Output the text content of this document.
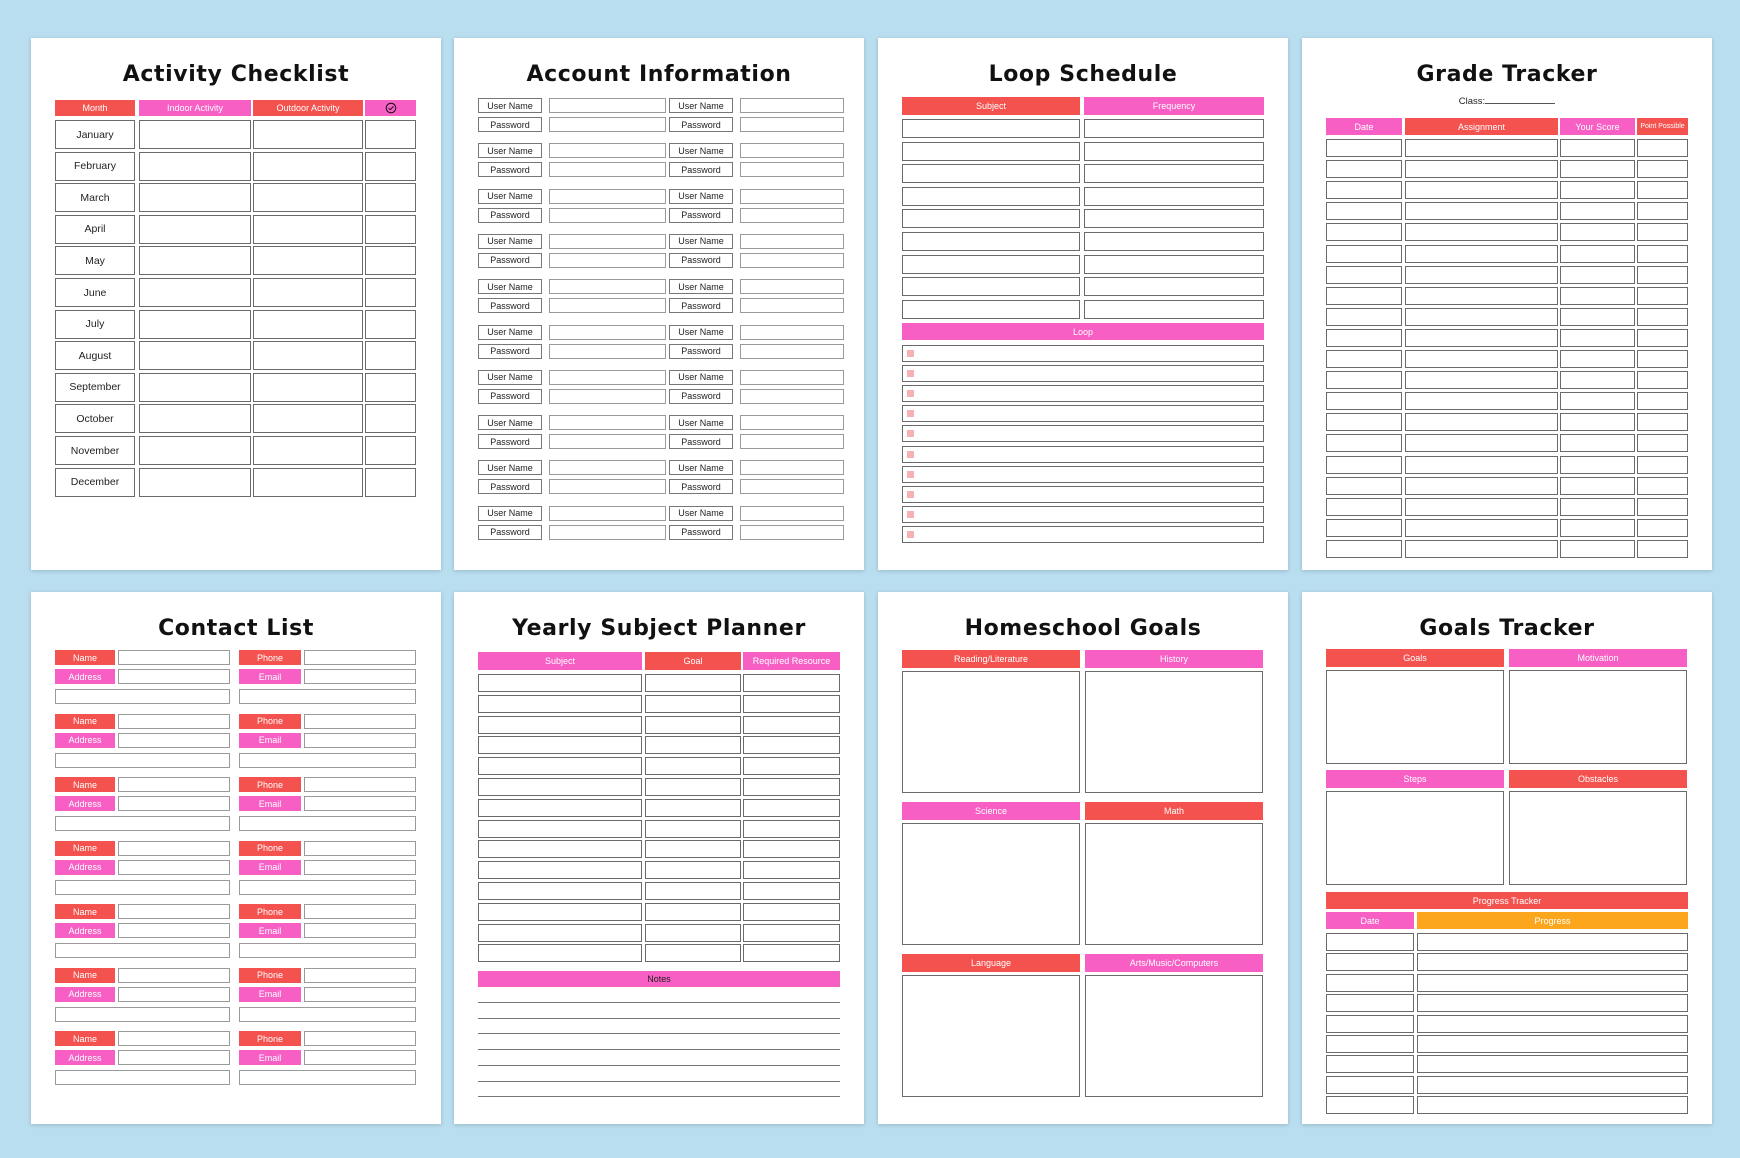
Activity Checklist
Month	Indoor Activity	Outdoor Activity
January
February
March
April
May
June
July
August
September
October
November
December
Account Information
User Name
Password
User Name
Password
User Name
Password
User Name
Password
User Name
Password
User Name
Password
User Name
Password
User Name
Password
User Name
Password
User Name
Password
User Name
Password
User Name
Password
User Name
Password
User Name
Password
User Name
Password
User Name
Password
User Name
Password
User Name
Password
User Name
Password
User Name
Password
Loop Schedule
Subject	Frequency
Loop
Grade Tracker
Class:
Date	Assignment	Your Score	Point Possible
Contact List
Name	Phone
Address	Email
Name	Phone
Address	Email
Name	Phone
Address	Email
Name	Phone
Address	Email
Name	Phone
Address	Email
Name	Phone
Address	Email
Name	Phone
Address	Email
Yearly Subject Planner
Subject	Goal	Required Resource
Notes
Homeschool Goals
Reading/Literature	History
Science	Math
Language	Arts/Music/Computers
Goals Tracker
Goals	Motivation
Steps	Obstacles
Progress Tracker
Date	Progress
